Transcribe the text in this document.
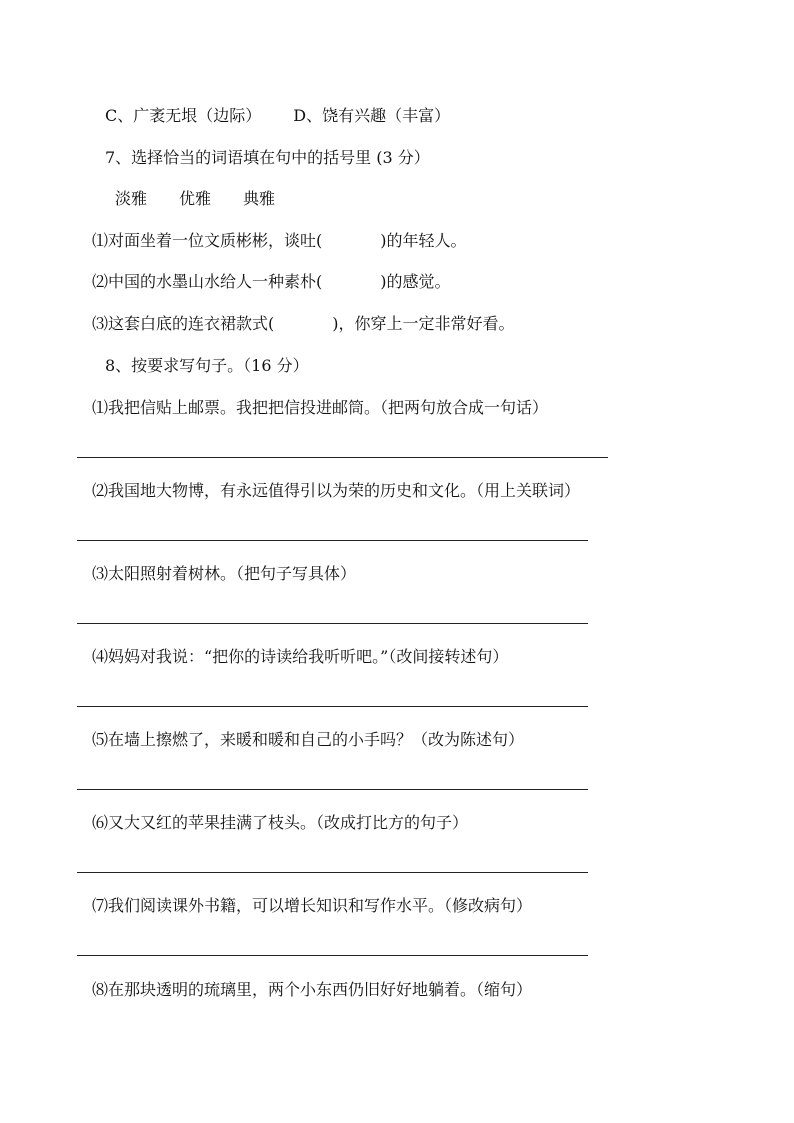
C、广袤无垠（边际） D、饶有兴趣（丰富）
7、选择恰当的词语填在句中的括号里 (3 分）
淡雅 优雅 典雅
⑴对面坐着一位文质彬彬，谈吐(	)的年轻人。
⑵中国的水墨山水给人一种素朴(	)的感觉。
⑶这套白底的连衣裙款式(	)，你穿上一定非常好看。
8、按要求写句子。（16 分）
⑴我把信贴上邮票。我把把信投进邮筒。（把两句放合成一句话）
⑵我国地大物博，有永远值得引以为荣的历史和文化。（用上关联词）
⑶太阳照射着树林。（把句子写具体）
⑷妈妈对我说：“把你的诗读给我听听吧。”（改间接转述句）
⑸在墙上擦燃了，来暖和暖和自己的小手吗？（改为陈述句）
⑹又大又红的苹果挂满了枝头。（改成打比方的句子）
⑺我们阅读课外书籍，可以增长知识和写作水平。（修改病句）
⑻在那块透明的琉璃里，两个小东西仍旧好好地躺着。（缩句）
